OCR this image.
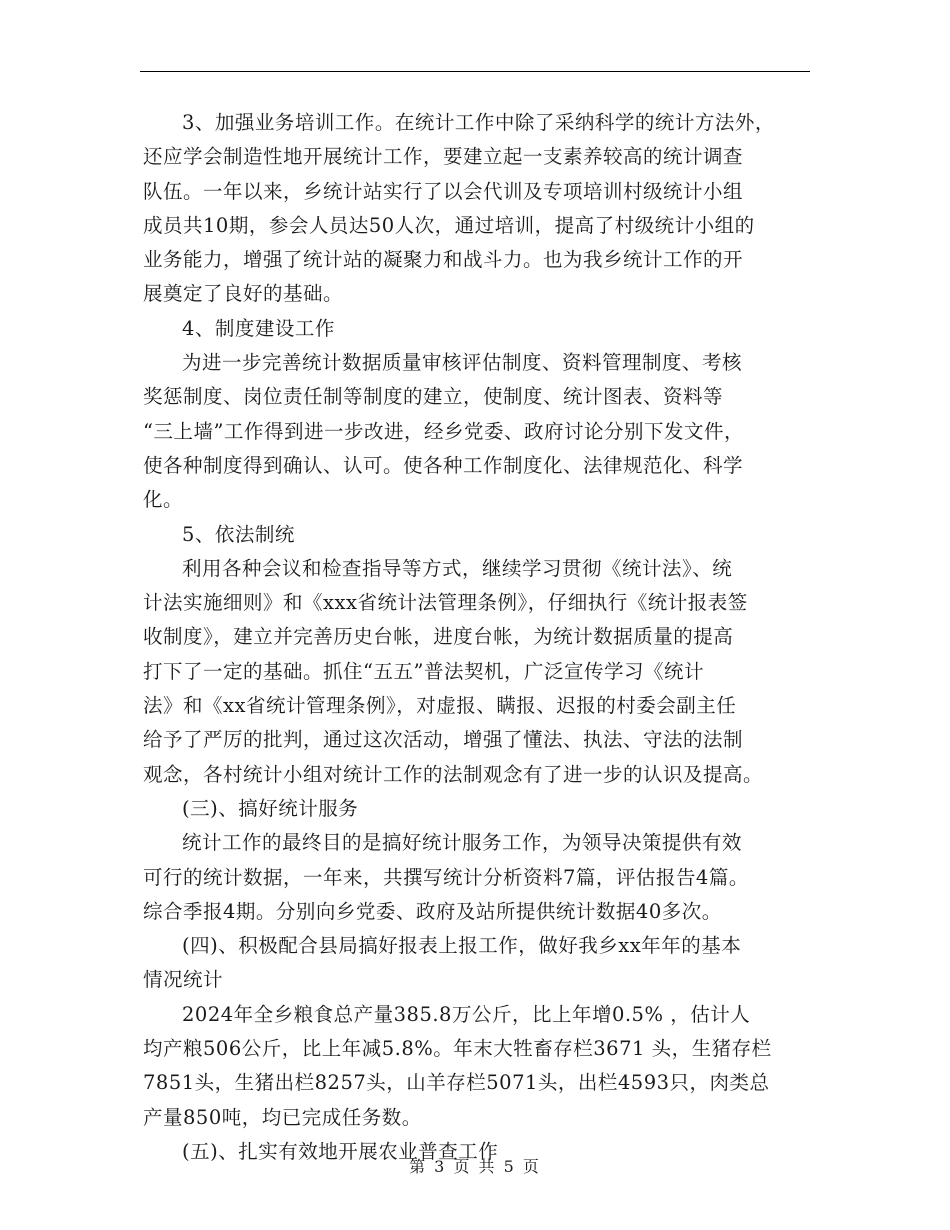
3、加强业务培训工作。在统计工作中除了采纳科学的统计方法外，
还应学会制造性地开展统计工作，要建立起一支素养较高的统计调查
队伍。一年以来，乡统计站实行了以会代训及专项培训村级统计小组
成员共10期，参会人员达50人次，通过培训，提高了村级统计小组的
业务能力，增强了统计站的凝聚力和战斗力。也为我乡统计工作的开
展奠定了良好的基础。
4、制度建设工作
为进一步完善统计数据质量审核评估制度、资料管理制度、考核
奖惩制度、岗位责任制等制度的建立，使制度、统计图表、资料等
“三上墙”工作得到进一步改进，经乡党委、政府讨论分别下发文件，
使各种制度得到确认、认可。使各种工作制度化、法律规范化、科学
化。
5、依法制统
利用各种会议和检查指导等方式，继续学习贯彻《统计法》、统
计法实施细则》和《xxx省统计法管理条例》，仔细执行《统计报表签
收制度》，建立并完善历史台帐，进度台帐，为统计数据质量的提高
打下了一定的基础。抓住“五五”普法契机，广泛宣传学习《统计
法》和《xx省统计管理条例》，对虚报、瞒报、迟报的村委会副主任
给予了严厉的批判，通过这次活动，增强了懂法、执法、守法的法制
观念，各村统计小组对统计工作的法制观念有了进一步的认识及提高。
(三)、搞好统计服务
统计工作的最终目的是搞好统计服务工作，为领导决策提供有效
可行的统计数据，一年来，共撰写统计分析资料7篇，评估报告4篇。
综合季报4期。分别向乡党委、政府及站所提供统计数据40多次。
(四)、积极配合县局搞好报表上报工作，做好我乡xx年年的基本
情况统计
2024年全乡粮食总产量385.8万公斤，比上年增0.5% ，估计人
均产粮506公斤，比上年减5.8%。年末大牲畜存栏3671 头，生猪存栏
7851头，生猪出栏8257头，山羊存栏5071头，出栏4593只，肉类总
产量850吨，均已完成任务数。
(五)、扎实有效地开展农业普查工作
第 3 页 共 5 页
